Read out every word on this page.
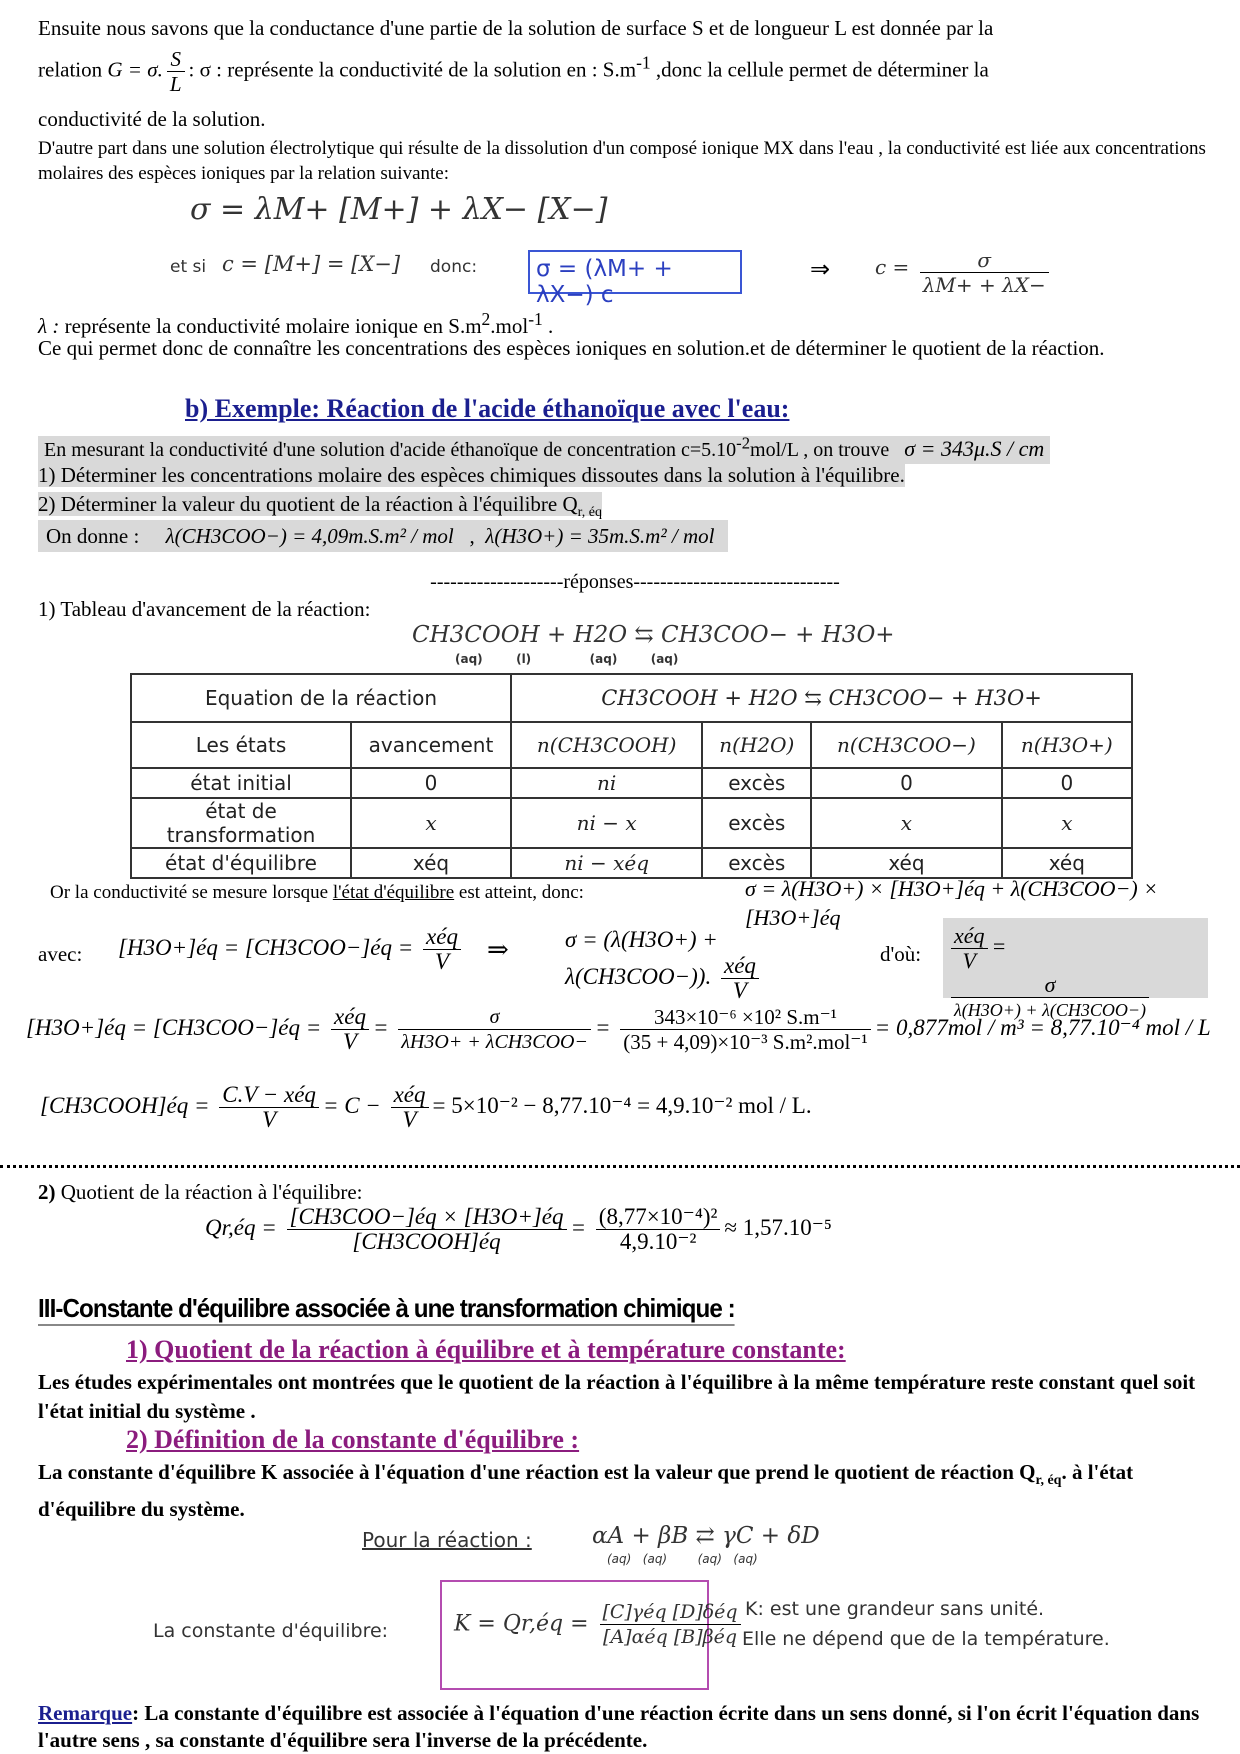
Ensuite nous savons que la conductance d'une partie de la solution de surface S et de longueur L est donnée par la
relation G = σ. $\frac{S}{L}$ : σ : représente la conductivité de la solution en : $S.m^{-1}$ ,donc la cellule permet de déterminer la
conductivité de la solution.
D'autre part dans une solution électrolytique qui résulte de la dissolution d'un composé ionique MX dans l'eau , la conductivité est liée aux concentrations molaires des espèces ioniques par la relation suivante:
σ = λM+ [M+] + λX− [X−]
et si c = [M+] = [X−] donc:	σ = (λM+ + λX−) c
⇒ $c = \frac{\sigma}{\lambda M+ + \lambda X-}$
λ : représente la conductivité molaire ionique en $S.m^2.mol^{-1}$ .
Ce qui permet donc de connaître les concentrations des espèces ioniques en solution.et de déterminer le quotient de la réaction.
b) Exemple: Réaction de l'acide éthanoïque avec l'eau:
En mesurant la conductivité d'une solution d'acide éthanoïque de concentration $c=5.10^{-2}mol/L$ , on trouve σ = 343μ.S / cm
1) Déterminer les concentrations molaire des espèces chimiques dissoutes dans la solution à l'équilibre.
2) Déterminer la valeur du quotient de la réaction à l'équilibre $Q_{r, éq}$
On donne : λ(CH3COO−) = 4,09m.S.m² / mol , λ(H3O+) = 35m.S.m² / mol
--------------------réponses-------------------------------
1) Tableau d'avancement de la réaction:
CH3COOH + H2O ⇆ CH3COO− + H3O+
(aq)        (l)              (aq)        (aq)
Equation de la réaction		CH3COOH + H2O ⇆ CH3COO− + H3O+			
Les états	avancement	n(CH3COOH)	n(H2O)	n(CH3COO−)	n(H3O+)
état initial	0	ni	excès	0	0
état de transformation	x	ni − x	excès	x	x
état d'équilibre	xéq	ni − xéq	excès	xéq	xéq
Or la conductivité se mesure lorsque l'état d'équilibre est atteint, donc:	σ = λ(H3O+) × [H3O+]éq + λ(CH3COO−) × [H3O+]éq
avec:	[H3O+]éq = [CH3COO−]éq = $\frac{\text{xéq}}{V}$ ⇒	σ = (λ(H3O+) + λ(CH3COO−)). $\frac{\text{xéq}}{V}$	d'où:	$\frac{\text{xéq}}{V}$ =
$\frac{\sigma}{\text{λ(H3O+) + λ(CH3COO−)}}$
[H3O+]éq = [CH3COO−]éq = $\frac{\text{xéq}}{V} = \frac{\sigma}{\text{λH3O+ + λCH3COO−}} = \frac{\text{343×10⁻⁶ ×10² S.m⁻¹}}{\text{(35 + 4,09)×10⁻³ S.m².mol⁻¹}} = 0,877mol / m^3 = 8,77.10^{-4}$ mol / L
[CH3COOH]éq = $\frac{\text{C.V − xéq}}{V} = C - \frac{\text{xéq}}{V} = 5\times 10^{-2} - 8,77.10^{-4} = 4,9.10^{-2}$ mol / L.
2) Quotient de la réaction à l'équilibre:
Qr,éq = $\frac{\text{[CH3COO−]éq × [H3O+]éq}}{\text{[CH3COOH]éq}} = \frac{\text{(8,77×10⁻⁴)²}}{\text{4,9.10⁻²}} \approx 1,57.10^{-5}$
III-Constante d'équilibre associée à une transformation chimique :
1) Quotient de la réaction à équilibre et à température constante:
Les études expérimentales ont montrées que le quotient de la réaction à l'équilibre à la même température reste constant quel soit l'état initial du système .
2) Définition de la constante d'équilibre :
La constante d'équilibre K associée à l'équation d'une réaction est la valeur que prend le quotient de réaction $Q_{r, éq}$. à l'état d'équilibre du système.
Pour la réaction :	αA + βB ⇄ γC + δD
(aq)   (aq)        (aq)   (aq)
La constante d'équilibre:	K = Qr,éq = $\frac{\text{[C]γéq [D]δéq}}{\text{[A]αéq [B]βéq}} K$: est une grandeur sans unité.
Elle ne dépend que de la température.
Remarque: La constante d'équilibre est associée à l'équation d'une réaction écrite dans un sens donné, si l'on écrit l'équation dans l'autre sens , sa constante d'équilibre sera l'inverse de la précédente.
